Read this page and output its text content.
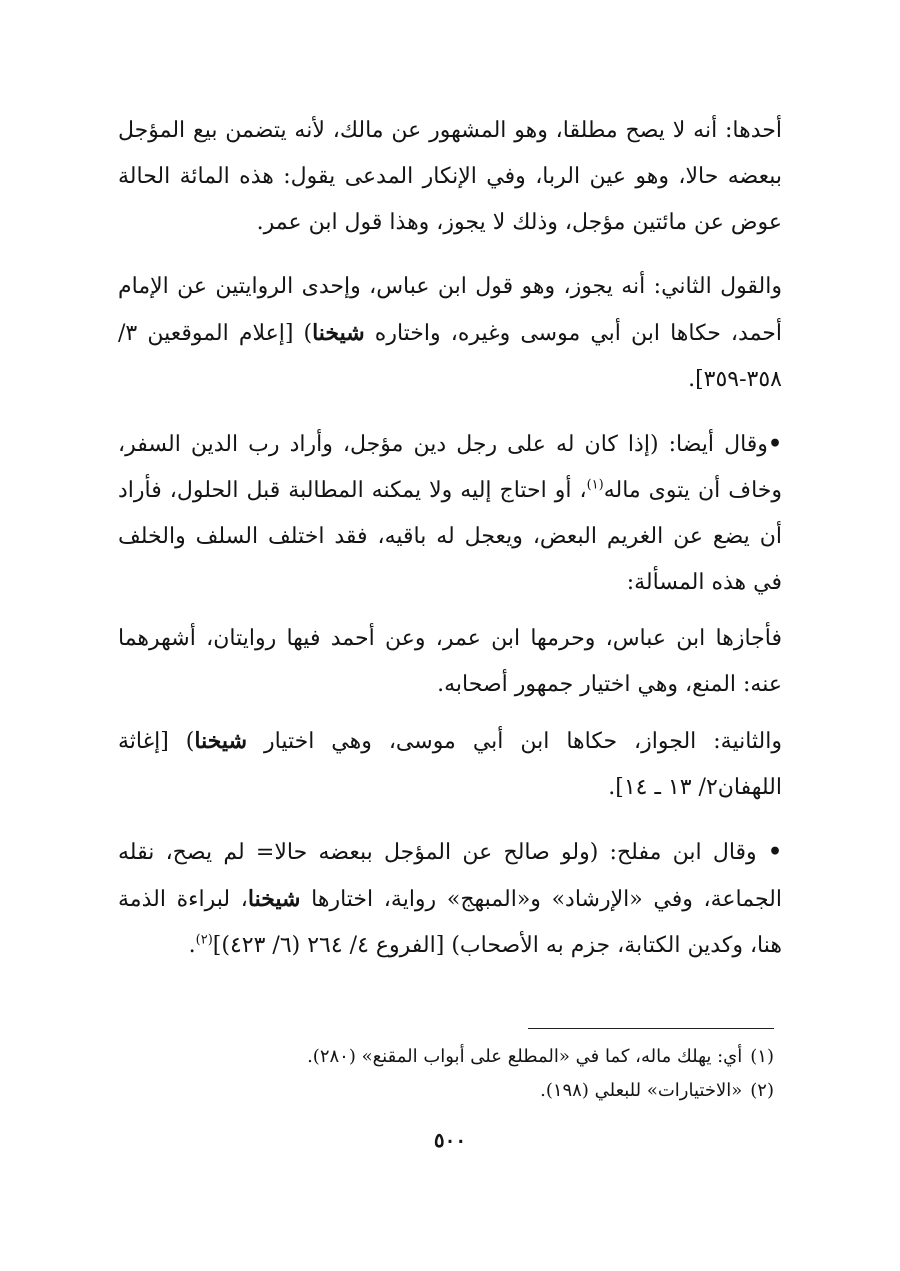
أحدها: أنه لا يصح مطلقا، وهو المشهور عن مالك، لأنه يتضمن بيع المؤجل ببعضه حالا، وهو عين الربا، وفي الإنكار المدعى يقول: هذه المائة الحالة عوض عن مائتين مؤجل، وذلك لا يجوز، وهذا قول ابن عمر.

والقول الثاني: أنه يجوز، وهو قول ابن عباس، وإحدى الروايتين عن الإمام أحمد، حكاها ابن أبي موسى وغيره، واختاره شيخنا) [إعلام الموقعين ٣/ ٣٥٨-٣٥٩].

•وقال أيضا: (إذا كان له على رجل دين مؤجل، وأراد رب الدين السفر، وخاف أن يتوى ماله$^{(١)}$، أو احتاج إليه ولا يمكنه المطالبة قبل الحلول، فأراد أن يضع عن الغريم البعض، ويعجل له باقيه، فقد اختلف السلف والخلف في هذه المسألة:

فأجازها ابن عباس، وحرمها ابن عمر، وعن أحمد فيها روايتان، أشهرهما عنه: المنع، وهي اختيار جمهور أصحابه.

والثانية: الجواز، حكاها ابن أبي موسى، وهي اختيار شيخنا) [إغاثة اللهفان٢/ ١٣ ـ ١٤].

• وقال ابن مفلح: (ولو صالح عن المؤجل ببعضه حالا= لم يصح، نقله الجماعة، وفي «الإرشاد» و«المبهج» رواية، اختارها شيخنا، لبراءة الذمة هنا، وكدين الكتابة، جزم به الأصحاب) [الفروع ٤/ ٢٦٤ (٦/ ٤٢٣)]$^{(٢)}$.

(١)أي: يهلك ماله، كما في «المطلع على أبواب المقنع» (٢٨٠).
(٢)«الاختيارات» للبعلي (١٩٨).
٥٠٠
